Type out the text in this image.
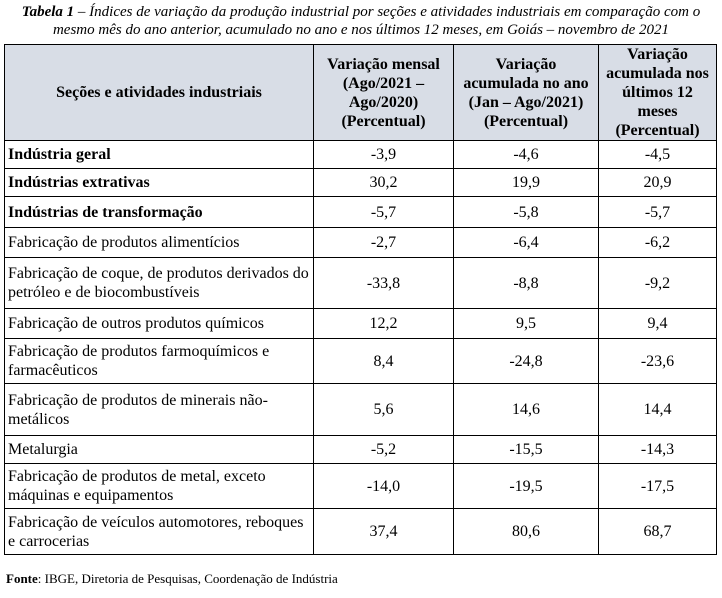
Tabela 1 – Índices de variação da produção industrial por seções e atividades industriais em comparação com o mesmo mês do ano anterior, acumulado no ano e nos últimos 12 meses, em Goiás – novembro de 2021
Seções e atividades industriais	Variação mensal (Ago/2021 – Ago/2020) (Percentual)	Variação acumulada no ano (Jan – Ago/2021) (Percentual)	Variação acumulada nos últimos 12 meses (Percentual)
Indústria geral	-3,9	-4,6	-4,5
Indústrias extrativas	30,2	19,9	20,9
Indústrias de transformação	-5,7	-5,8	-5,7
Fabricação de produtos alimentícios	-2,7	-6,4	-6,2
Fabricação de coque, de produtos derivados do petróleo e de biocombustíveis	-33,8	-8,8	-9,2
Fabricação de outros produtos químicos	12,2	9,5	9,4
Fabricação de produtos farmoquímicos e farmacêuticos	8,4	-24,8	-23,6
Fabricação de produtos de minerais não-metálicos	5,6	14,6	14,4
Metalurgia	-5,2	-15,5	-14,3
Fabricação de produtos de metal, exceto máquinas e equipamentos	-14,0	-19,5	-17,5
Fabricação de veículos automotores, reboques e carrocerias	37,4	80,6	68,7
Fonte: IBGE, Diretoria de Pesquisas, Coordenação de Indústria
